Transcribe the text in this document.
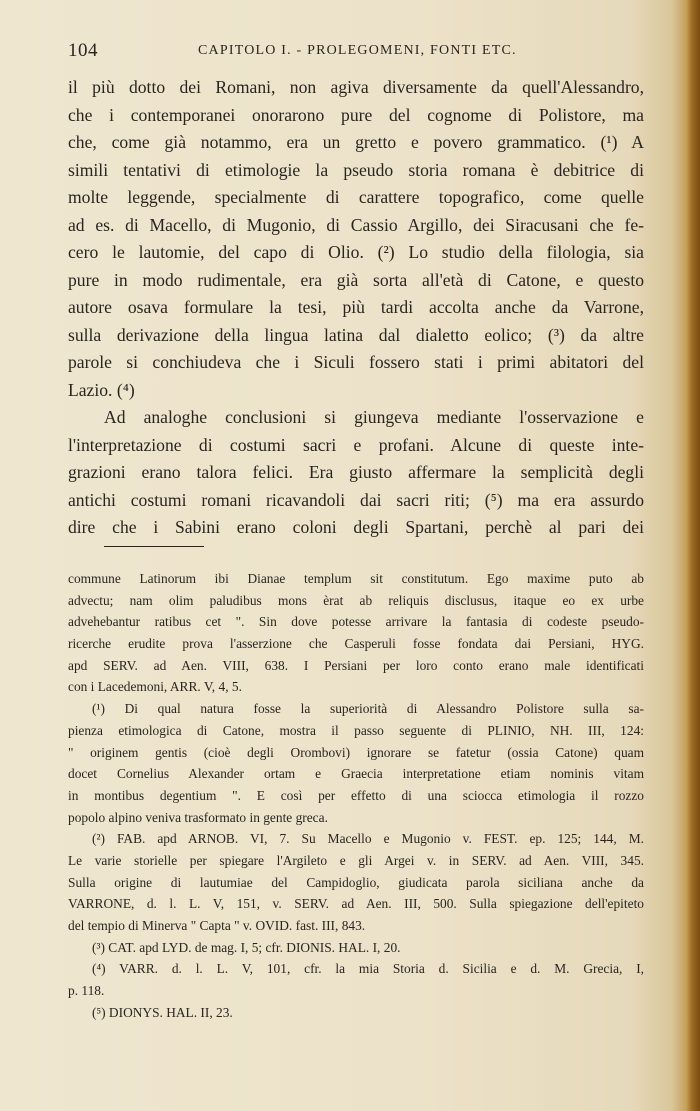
104	CAPITOLO I. - PROLEGOMENI, FONTI ETC.
il più dotto dei Romani, non agiva diversamente da quell'Alessandro,
che i contemporanei onorarono pure del cognome di Polistore, ma
che, come già notammo, era un gretto e povero grammatico. (¹) A
simili tentativi di etimologie la pseudo storia romana è debitrice di
molte leggende, specialmente di carattere topografico, come quelle
ad es. di Macello, di Mugonio, di Cassio Argillo, dei Siracusani che fe-
cero le lautomie, del capo di Olio. (²) Lo studio della filologia, sia
pure in modo rudimentale, era già sorta all'età di Catone, e questo
autore osava formulare la tesi, più tardi accolta anche da Varrone,
sulla derivazione della lingua latina dal dialetto eolico; (³) da altre
parole si conchiudeva che i Siculi fossero stati i primi abitatori del
Lazio. (⁴)
Ad analoghe conclusioni si giungeva mediante l'osservazione e
l'interpretazione di costumi sacri e profani. Alcune di queste inte-
grazioni erano talora felici. Era giusto affermare la semplicità degli
antichi costumi romani ricavandoli dai sacri riti; (⁵) ma era assurdo
dire che i Sabini erano coloni degli Spartani, perchè al pari dei
commune Latinorum ibi Dianae templum sit constitutum. Ego maxime puto ab
advectu; nam olim paludibus mons èrat ab reliquis disclusus, itaque eo ex urbe
advehebantur ratibus cet ". Sin dove potesse arrivare la fantasia di codeste pseudo-
ricerche erudite prova l'asserzione che Casperuli fosse fondata dai Persiani, HYG.
apd SERV. ad Aen. VIII, 638. I Persiani per loro conto erano male identificati
con i Lacedemoni, ARR. V, 4, 5.
(¹) Di qual natura fosse la superiorità di Alessandro Polistore sulla sa-
pienza etimologica di Catone, mostra il passo seguente di PLINIO, NH. III, 124:
" originem gentis (cioè degli Orombovi) ignorare se fatetur (ossia Catone) quam
docet Cornelius Alexander ortam e Graecia interpretatione etiam nominis vitam
in montibus degentium ". E così per effetto di una sciocca etimologia il rozzo
popolo alpino veniva trasformato in gente greca.
(²) FAB. apd ARNOB. VI, 7. Su Macello e Mugonio v. FEST. ep. 125; 144, M.
Le varie storielle per spiegare l'Argileto e gli Argei v. in SERV. ad Aen. VIII, 345.
Sulla origine di lautumiae del Campidoglio, giudicata parola siciliana anche da
VARRONE, d. l. L. V, 151, v. SERV. ad Aen. III, 500. Sulla spiegazione dell'epiteto
del tempio di Minerva " Capta " v. OVID. fast. III, 843.
(³) CAT. apd LYD. de mag. I, 5; cfr. DIONIS. HAL. I, 20.
(⁴) VARR. d. l. L. V, 101, cfr. la mia Storia d. Sicilia e d. M. Grecia, I,
p. 118.
(⁵) DIONYS. HAL. II, 23.
